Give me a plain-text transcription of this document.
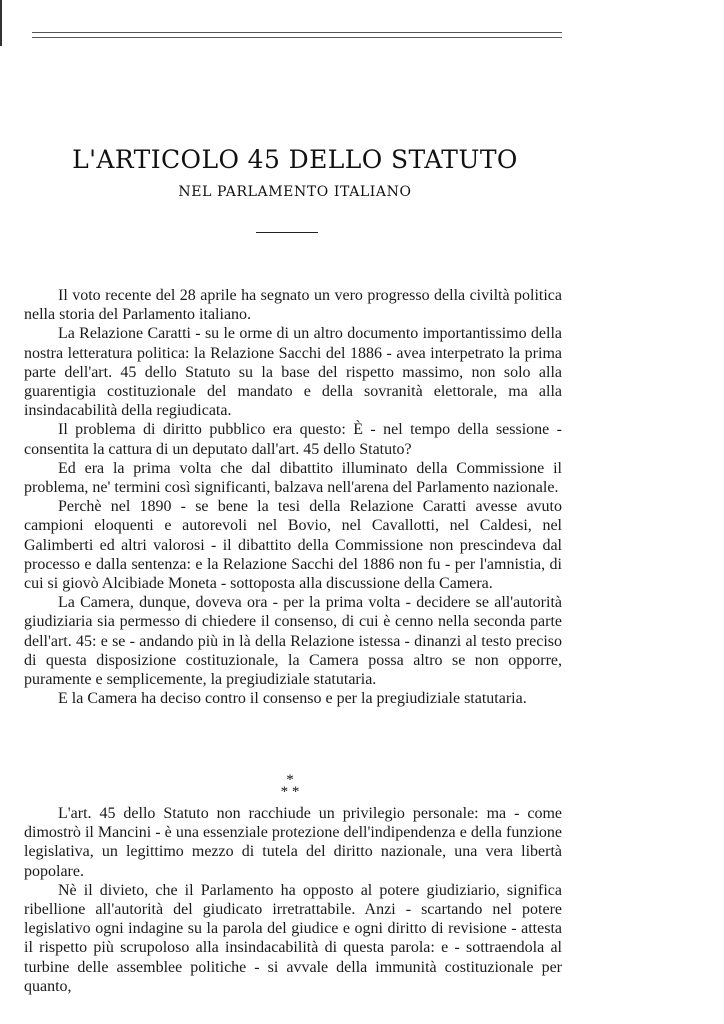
L'ARTICOLO 45 DELLO STATUTO
NEL PARLAMENTO ITALIANO

Il voto recente del 28 aprile ha segnato un vero progresso della civiltà politica nella storia del Parlamento italiano.

La Relazione Caratti - su le orme di un altro documento importantissimo della nostra letteratura politica: la Relazione Sacchi del 1886 - avea interpetrato la prima parte dell'art. 45 dello Statuto su la base del rispetto massimo, non solo alla guarentigia costituzionale del mandato e della sovranità elettorale, ma alla insindacabilità della regiudicata.

Il problema di diritto pubblico era questo: È - nel tempo della sessione - consentita la cattura di un deputato dall'art. 45 dello Statuto?

Ed era la prima volta che dal dibattito illuminato della Commissione il problema, ne' termini così significanti, balzava nell'arena del Parlamento nazionale.

Perchè nel 1890 - se bene la tesi della Relazione Caratti avesse avuto campioni eloquenti e autorevoli nel Bovio, nel Cavallotti, nel Caldesi, nel Galimberti ed altri valorosi - il dibattito della Commissione non prescindeva dal processo e dalla sentenza: e la Relazione Sacchi del 1886 non fu - per l'amnistia, di cui si giovò Alcibiade Moneta - sottoposta alla discussione della Camera.

La Camera, dunque, doveva ora - per la prima volta - decidere se all'autorità giudiziaria sia permesso di chiedere il consenso, di cui è cenno nella seconda parte dell'art. 45: e se - andando più in là della Relazione istessa - dinanzi al testo preciso di questa disposizione costituzionale, la Camera possa altro se non opporre, puramente e semplicemente, la pregiudiziale statutaria.

E la Camera ha deciso contro il consenso e per la pregiudiziale statutaria.

*
* *

L'art. 45 dello Statuto non racchiude un privilegio personale: ma - come dimostrò il Mancini - è una essenziale protezione dell'indipendenza e della funzione legislativa, un legittimo mezzo di tutela del diritto nazionale, una vera libertà popolare.

Nè il divieto, che il Parlamento ha opposto al potere giudiziario, significa ribellione all'autorità del giudicato irretrattabile. Anzi - scartando nel potere legislativo ogni indagine su la parola del giudice e ogni diritto di revisione - attesta il rispetto più scrupoloso alla insindacabilità di questa parola: e - sottraendola al turbine delle assemblee politiche - si avvale della immunità costituzionale per quanto,
